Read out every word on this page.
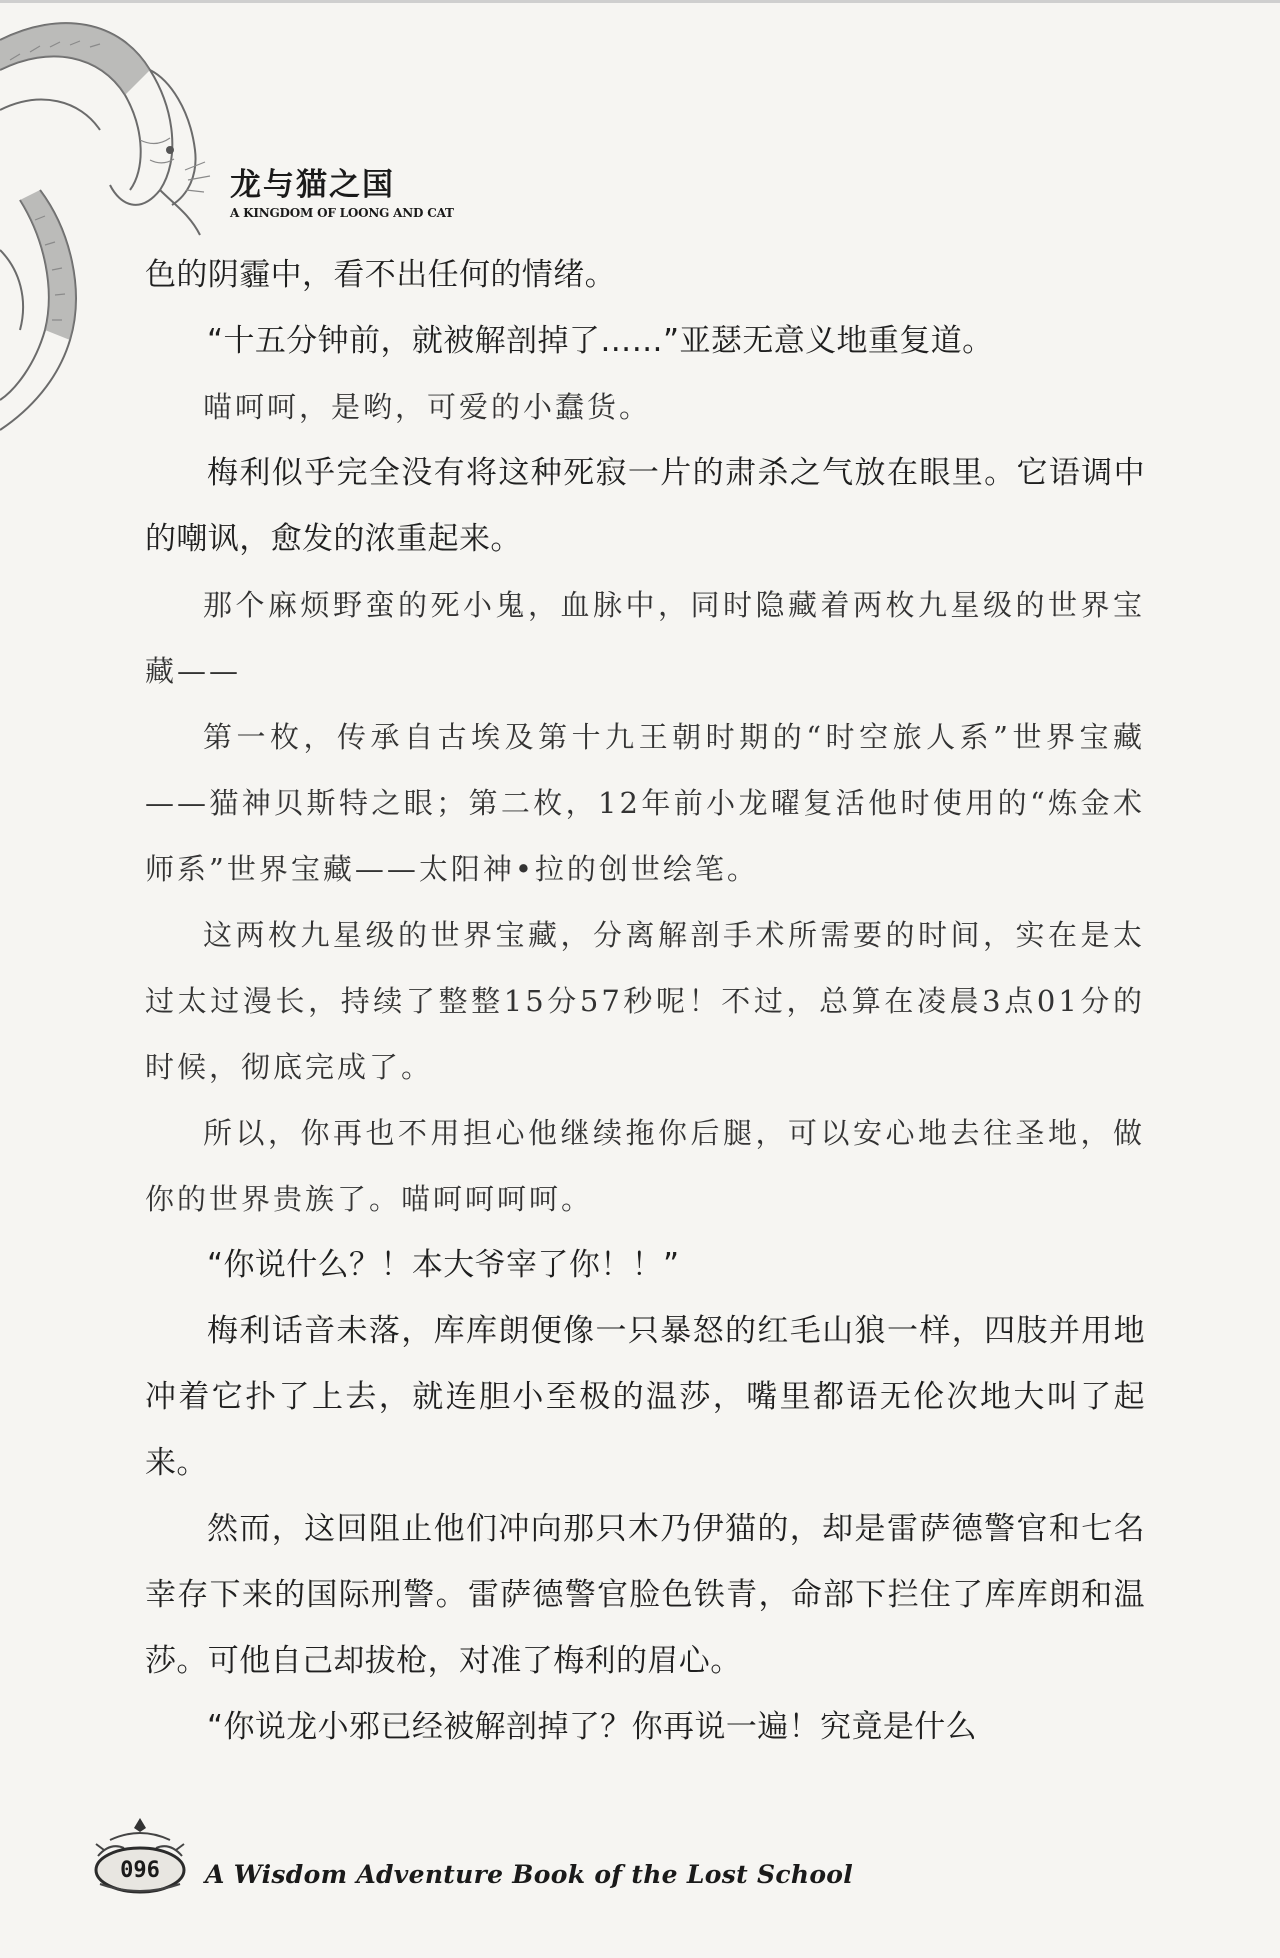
龙与猫之国
A KINGDOM OF LOONG AND CAT

色的阴霾中，看不出任何的情绪。

“十五分钟前，就被解剖掉了……”亚瑟无意义地重复道。

喵呵呵，是哟，可爱的小蠢货。

梅利似乎完全没有将这种死寂一片的肃杀之气放在眼里。它语调中的嘲讽，愈发的浓重起来。

那个麻烦野蛮的死小鬼，血脉中，同时隐藏着两枚九星级的世界宝藏——

第一枚，传承自古埃及第十九王朝时期的“时空旅人系”世界宝藏——猫神贝斯特之眼；第二枚，12年前小龙曜复活他时使用的“炼金术师系”世界宝藏——太阳神•拉的创世绘笔。

这两枚九星级的世界宝藏，分离解剖手术所需要的时间，实在是太过太过漫长，持续了整整15分57秒呢！不过，总算在凌晨3点01分的时候，彻底完成了。

所以，你再也不用担心他继续拖你后腿，可以安心地去往圣地，做你的世界贵族了。喵呵呵呵呵。

“你说什么？！本大爷宰了你！！”

梅利话音未落，库库朗便像一只暴怒的红毛山狼一样，四肢并用地冲着它扑了上去，就连胆小至极的温莎，嘴里都语无伦次地大叫了起来。

然而，这回阻止他们冲向那只木乃伊猫的，却是雷萨德警官和七名幸存下来的国际刑警。雷萨德警官脸色铁青，命部下拦住了库库朗和温莎。可他自己却拔枪，对准了梅利的眉心。

“你说龙小邪已经被解剖掉了？你再说一遍！究竟是什么

096	A Wisdom Adventure Book of the Lost School
